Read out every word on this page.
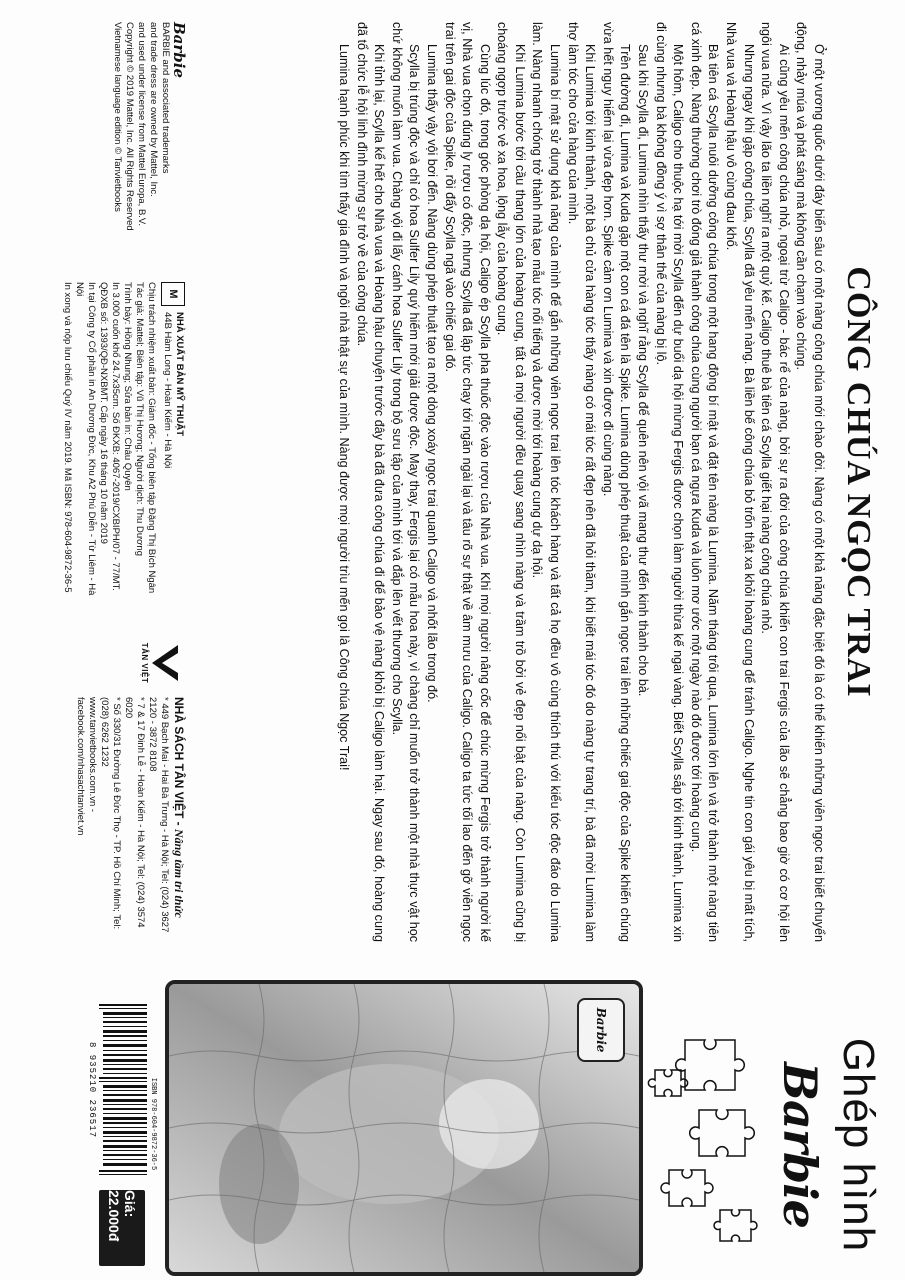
CÔNG CHÚA NGỌC TRAI
Ở một vương quốc dưới đáy biển sâu có một nàng công chúa mới chào đời. Nàng có một khả năng đặc biệt đó là có thể khiến những viên ngọc trai biết chuyển động, nhảy múa và phát sáng mà không cần chạm vào chúng.
Ai cũng yêu mến công chúa nhỏ, ngoại trừ Caligo - bác rể của nàng, bởi sự ra đời của công chúa khiến con trai Fergis của lão sẽ chẳng bao giờ có cơ hội lên ngôi vua nữa. Vì vậy lão ta liền nghĩ ra một quỷ kế. Caligo thuê bà tiên cá Scylla giết hại nàng công chúa nhỏ.
Nhưng ngay khi gặp công chúa, Scylla đã yêu mến nàng. Bà liền bế công chúa bỏ trốn thật xa khỏi hoàng cung để tránh Caligo. Nghe tin con gái yêu bị mất tích, Nhà vua và Hoàng hậu vô cùng đau khổ.
Bà tiên cá Scylla nuôi dưỡng công chúa trong một hang động bí mật và đặt tên nàng là Lumina. Năm tháng trôi qua, Lumina lớn lên và trở thành một nàng tiên cá xinh đẹp. Nàng thường chơi trò đóng giả thành công chúa cùng người bạn cá ngựa Kuda và luôn mơ ước một ngày nào đó được tới hoàng cung.
Một hôm, Caligo cho thuộc hạ tới mời Scylla đến dự buổi dạ hội mừng Fergis được chọn làm người thừa kế ngai vàng. Biết Scylla sắp tới kinh thành, Lumina xin đi cùng nhưng bà không đồng ý vì sợ thân thế của nàng bị lộ.
Sau khi Scylla đi, Lumina nhìn thấy thư mời và nghĩ rằng Scylla để quên nên vội vã mang thư đến kinh thành cho bà.
Trên đường đi, Lumina và Kuda gặp một con cá đá tên là Spike. Lumina dùng phép thuật của mình gắn ngọc trai lên những chiếc gai độc của Spike khiến chúng vừa hết nguy hiểm lại vừa đẹp hơn. Spike cảm ơn Lumina và xin được đi cùng nàng.
Khi Lumina tới kinh thành, một bà chủ cửa hàng tóc thấy nàng có mái tóc rất đẹp nên đã hỏi thăm, khi biết mái tóc đó do nàng tự trang trí, bà đã mời Lumina làm thợ làm tóc cho cửa hàng của mình.
Lumina bí mật sử dụng khả năng của mình để gắn những viên ngọc trai lên tóc khách hàng và tất cả họ đều vô cùng thích thú với kiểu tóc độc đáo do Lumina làm. Nàng nhanh chóng trở thành nhà tạo mẫu tóc nổi tiếng và được mời tới hoàng cung dự dạ hội.
Khi Lumina bước tới cầu thang lớn của hoàng cung, tất cả mọi người đều quay sang nhìn nàng và trầm trồ bởi vẻ đẹp nổi bật của nàng. Còn Lumina cũng bị choáng ngợp trước vẻ xa hoa, lộng lẫy của hoàng cung.
Cùng lúc đó, trong góc phòng dạ hội, Caligo ép Scylla pha thuốc độc vào rượu của Nhà vua. Khi mọi người nâng cốc để chúc mừng Fergis trở thành người kế vị, Nhà vua chọn đúng ly rượu có độc, nhưng Scylla đã lập tức chạy tới ngăn ngài lại và tâu rõ sự thật về âm mưu của Caligo. Caligo ta tức tối lao đến gỡ viên ngọc trai trên gai độc của Spike, rồi đẩy Scylla ngã vào chiếc gai đó.
Lumina thấy vậy vội bơi đến. Nàng dùng phép thuật tạo ra một dòng xoáy ngọc trai quanh Caligo và nhốt lão trong đó.
Scylla bị trúng độc và chỉ có hoa Sulfer Lily quý hiếm mới giải được độc. May thay, Fergis lại có mẫu hoa này, vì chàng chỉ muốn trở thành một nhà thực vật học chứ không muốn làm vua. Chàng vội đi lấy cánh hoa Sulfer Lily trong bộ sưu tập của mình tới và đắp lên vết thương cho Scylla.
Khi tỉnh lại, Scylla kể hết cho Nhà vua và Hoàng hậu chuyện trước đây bà đã đưa công chúa đi để bảo vệ nàng khỏi bị Caligo làm hại. Ngay sau đó, hoàng cung đã tổ chức lễ hội linh đình mừng sự trở về của công chúa.
Lumina hạnh phúc khi tìm thấy gia đình và ngôi nhà thật sự của mình. Nàng được mọi người trìu mến gọi là Công chúa Ngọc Trai!
Barbie
BARBIE and associated trademarks
and trade dress are owned by Mattel, Inc.
and used under license from Mattel Europa, B.V.
Copyright © 2019 Mattel, Inc. All Rights Reserved
Vietnamese language edition © Tanvietbooks
M
NHÀ XUẤT BẢN MỸ THUẬT
44B Hàm Long - Hoàn Kiếm - Hà Nội
Chịu trách nhiệm xuất bản: Giám đốc - Tổng biên tập Đặng Thị Bích Ngân
Tác giả: Mattel; Biên tập: Vũ Thị Hương; Người dịch: Thu Dương
Trình bày: Hồng Nhung; Sửa bản in: Châu Quyên
In 3.000 cuốn khổ 24.7x35cm. Số ĐKXB: 4067-2019/CXBIPH/07 - 77/MT.
QĐXB số: 1393/QĐ-NXBMT. Cấp ngày 16 tháng 10 năm 2019
In tại Công ty Cổ phần in An Dương Đức, Khu A2 Phú Diễn - Từ Liêm - Hà Nội
In xong và nộp lưu chiểu Quý IV năm 2019. Mã ISBN: 978-604-9872-36-5
TÂN VIỆT
NHÀ SÁCH TÂN VIỆT - Nâng tầm tri thức
* 449 Bạch Mai - Hai Bà Trưng - Hà Nội; Tel: (024) 3627 2120 - 3872 8108
* 7 & 17 Đinh Lễ - Hoàn Kiếm - Hà Nội; Tel: (024) 3574 6020
* Số 330/31 Đường Lê Đức Thọ - TP. Hồ Chí Minh; Tel: (028) 6262 1232
www.tanvietbooks.com.vn - facebook.com/nhasachtanviet.vn
Ghép hình
Barbie
Barbie
ISBN 978-604-9872-36-5
8 935210 236517
Giá: 22.000đ
